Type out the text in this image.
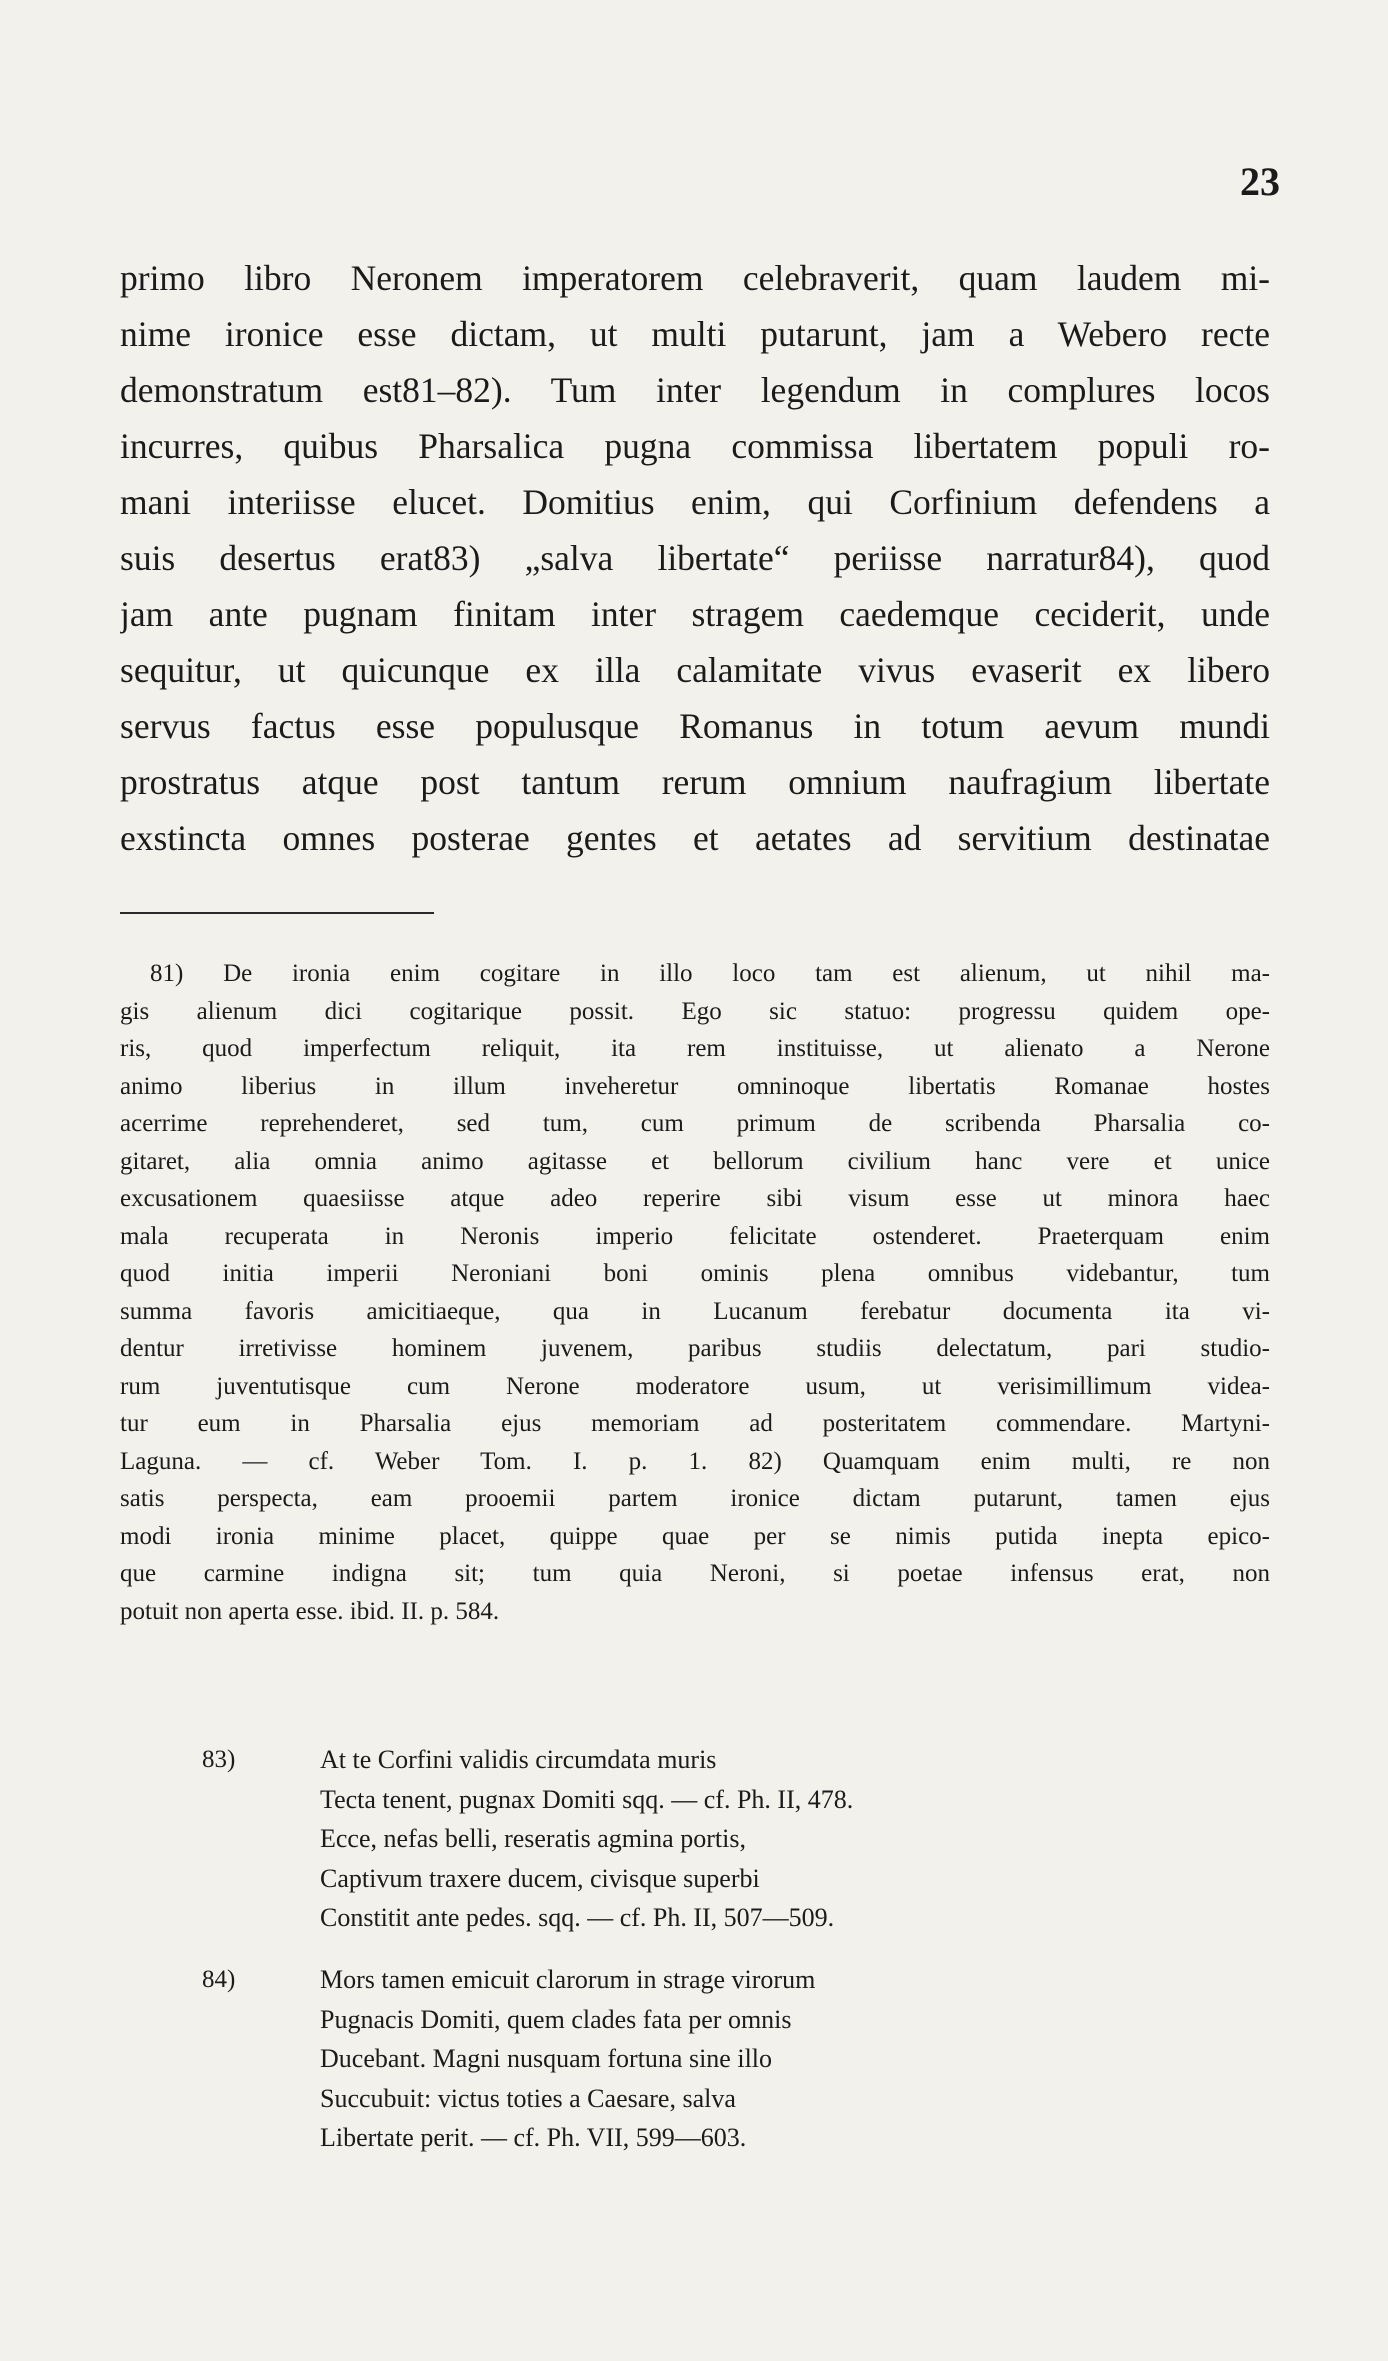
23
primo libro Neronem imperatorem celebraverit, quam laudem mi-
nime ironice esse dictam, ut multi putarunt, jam a Webero recte
demonstratum est81–82). Tum inter legendum in complures locos
incurres, quibus Pharsalica pugna commissa libertatem populi ro-
mani interiisse elucet. Domitius enim, qui Corfinium defendens a
suis desertus erat83) „salva libertate“ periisse narratur84), quod
jam ante pugnam finitam inter stragem caedemque ceciderit, unde
sequitur, ut quicunque ex illa calamitate vivus evaserit ex libero
servus factus esse populusque Romanus in totum aevum mundi
prostratus atque post tantum rerum omnium naufragium libertate
exstincta omnes posterae gentes et aetates ad servitium destinatae
81) De ironia enim cogitare in illo loco tam est alienum, ut nihil ma-
gis alienum dici cogitarique possit. Ego sic statuo: progressu quidem ope-
ris, quod imperfectum reliquit, ita rem instituisse, ut alienato a Nerone
animo liberius in illum inveheretur omninoque libertatis Romanae hostes
acerrime reprehenderet, sed tum, cum primum de scribenda Pharsalia co-
gitaret, alia omnia animo agitasse et bellorum civilium hanc vere et unice
excusationem quaesiisse atque adeo reperire sibi visum esse ut minora haec
mala recuperata in Neronis imperio felicitate ostenderet. Praeterquam enim
quod initia imperii Neroniani boni ominis plena omnibus videbantur, tum
summa favoris amicitiaeque, qua in Lucanum ferebatur documenta ita vi-
dentur irretivisse hominem juvenem, paribus studiis delectatum, pari studio-
rum juventutisque cum Nerone moderatore usum, ut verisimillimum videa-
tur eum in Pharsalia ejus memoriam ad posteritatem commendare. Martyni-
Laguna. — cf. Weber Tom. I. p. 1. 82) Quamquam enim multi, re non
satis perspecta, eam prooemii partem ironice dictam putarunt, tamen ejus
modi ironia minime placet, quippe quae per se nimis putida inepta epico-
que carmine indigna sit; tum quia Neroni, si poetae infensus erat, non
potuit non aperta esse. ibid. II. p. 584.
83)	At te Corfini validis circumdata muris
Tecta tenent, pugnax Domiti sqq. — cf. Ph. II, 478.
Ecce, nefas belli, reseratis agmina portis,
Captivum traxere ducem, civisque superbi
Constitit ante pedes. sqq. — cf. Ph. II, 507—509.
84)	Mors tamen emicuit clarorum in strage virorum
Pugnacis Domiti, quem clades fata per omnis
Ducebant. Magni nusquam fortuna sine illo
Succubuit: victus toties a Caesare, salva
Libertate perit. — cf. Ph. VII, 599—603.
